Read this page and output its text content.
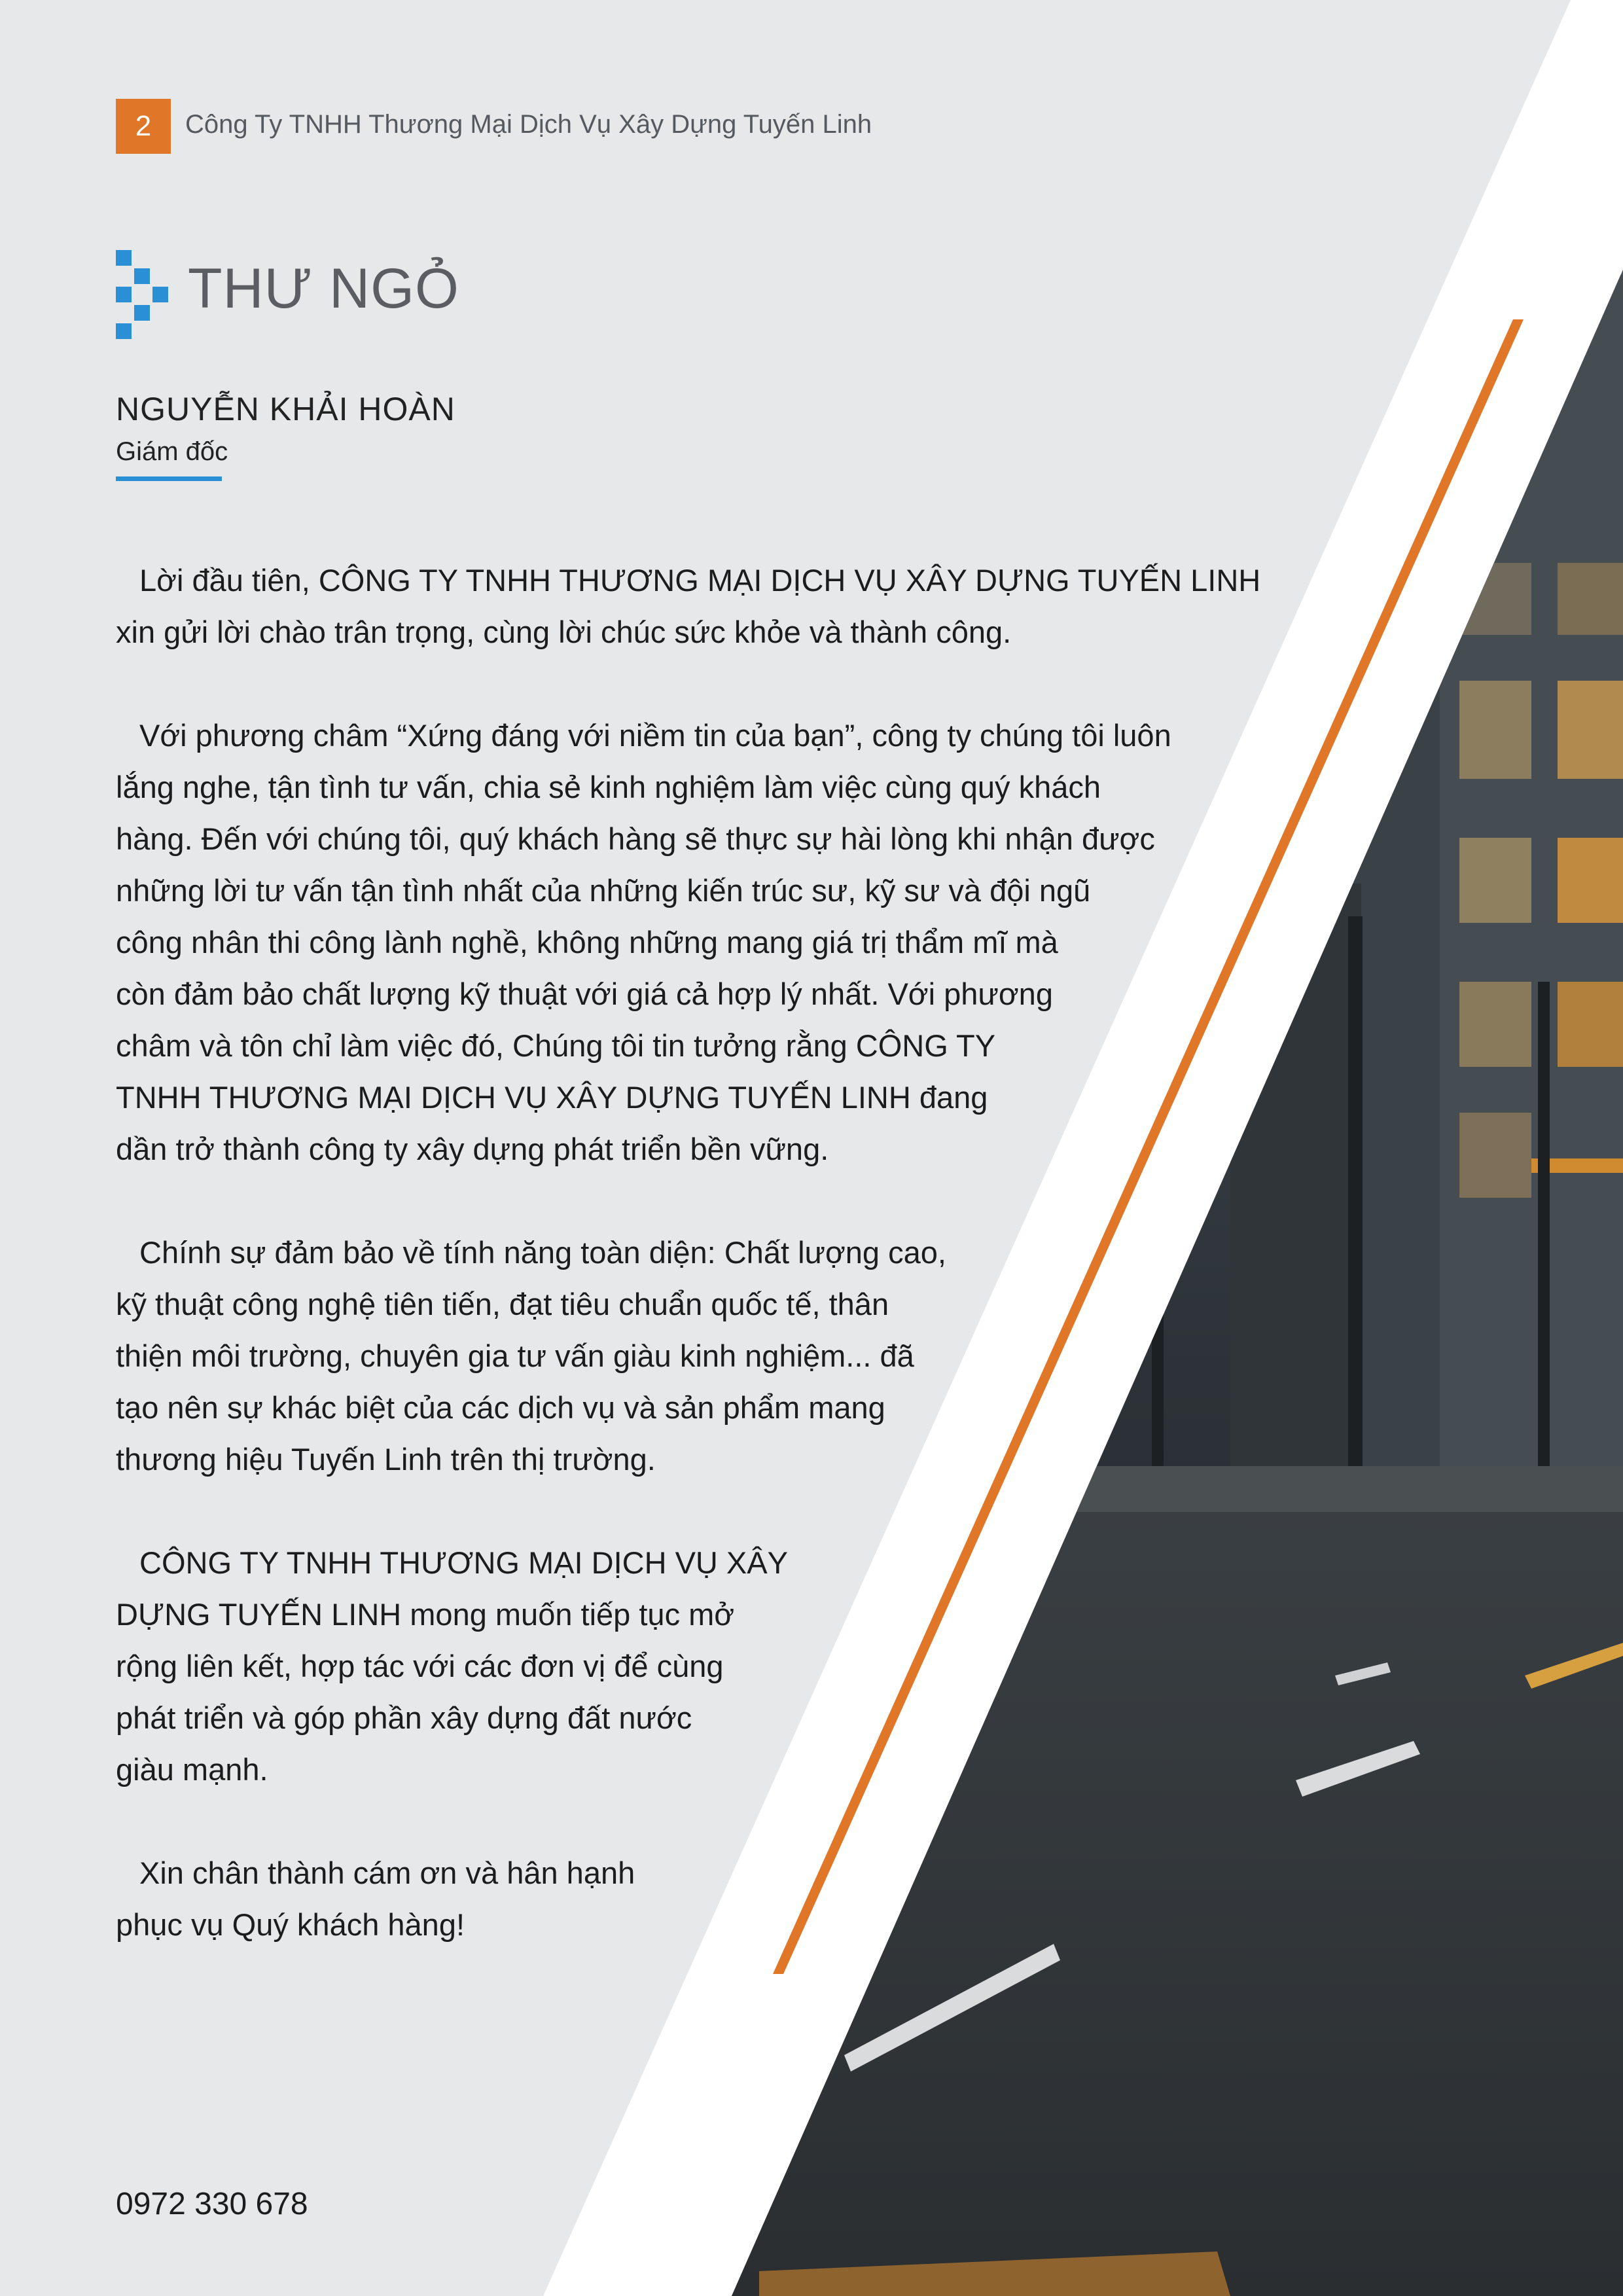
2	Công Ty TNHH Thương Mại Dịch Vụ Xây Dựng Tuyến Linh
THƯ NGỎ
NGUYỄN KHẢI HOÀN
Giám đốc
Lời đầu tiên, CÔNG TY TNHH THƯƠNG MẠI DỊCH VỤ XÂY DỰNG TUYẾN LINH
xin gửi lời chào trân trọng, cùng lời chúc sức khỏe và thành công.
Với phương châm “Xứng đáng với niềm tin của bạn”, công ty chúng tôi luôn
lắng nghe, tận tình tư vấn, chia sẻ kinh nghiệm làm việc cùng quý khách
hàng. Đến với chúng tôi, quý khách hàng sẽ thực sự hài lòng khi nhận được
những lời tư vấn tận tình nhất của những kiến trúc sư, kỹ sư và đội ngũ
công nhân thi công lành nghề, không những mang giá trị thẩm mĩ mà
còn đảm bảo chất lượng kỹ thuật với giá cả hợp lý nhất. Với phương
châm và tôn chỉ làm việc đó, Chúng tôi tin tưởng rằng CÔNG TY
TNHH THƯƠNG MẠI DỊCH VỤ XÂY DỰNG TUYẾN LINH đang
dần trở thành công ty xây dựng phát triển bền vững.
Chính sự đảm bảo về tính năng toàn diện: Chất lượng cao,
kỹ thuật công nghệ tiên tiến, đạt tiêu chuẩn quốc tế, thân
thiện môi trường, chuyên gia tư vấn giàu kinh nghiệm... đã
tạo nên sự khác biệt của các dịch vụ và sản phẩm mang
thương hiệu Tuyến Linh trên thị trường.
CÔNG TY TNHH THƯƠNG MẠI DỊCH VỤ XÂY
DỰNG TUYẾN LINH mong muốn tiếp tục mở
rộng liên kết, hợp tác với các đơn vị để cùng
phát triển và góp phần xây dựng đất nước
giàu mạnh.
Xin chân thành cám ơn và hân hạnh
phục vụ Quý khách hàng!
0972 330 678
